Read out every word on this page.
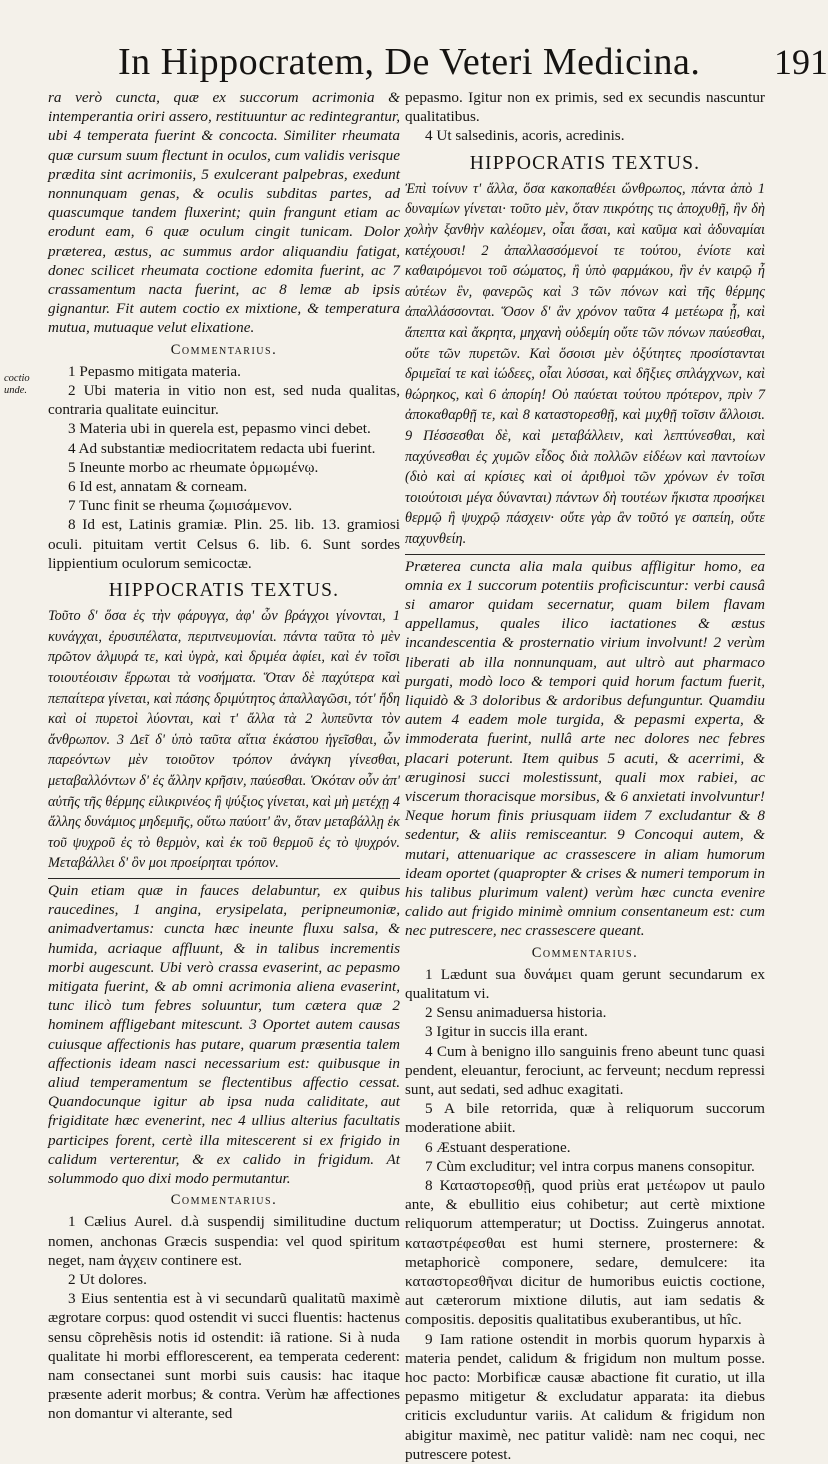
In Hippocratem, De Veteri Medicina. 191
coctio unde.

ra verò cuncta, quæ ex succorum acrimonia & intemperantia oriri assero, restituuntur ac redintegrantur, ubi 4 temperata fuerint & concocta. Similiter rheumata quæ cursum suum flectunt in oculos, cum validis verisque prædita sint acrimoniis, 5 exulcerant palpebras, exedunt nonnunquam genas, & oculis subditas partes, ad quascumque tandem fluxerint; quin frangunt etiam ac erodunt eam, 6 quæ oculum cingit tunicam. Dolor præterea, æstus, ac summus ardor aliquandiu fatigat, donec scilicet rheumata coctione edomita fuerint, ac 7 crassamentum nacta fuerint, ac 8 lemæ ab ipsis gignantur. Fit autem coctio ex mixtione, & temperatura mutua, mutuaque velut elixatione.

Commentarius.

1 Pepasmo mitigata materia.

2 Ubi materia in vitio non est, sed nuda qualitas, contraria qualitate euincitur.

3 Materia ubi in querela est, pepasmo vinci debet.

4 Ad substantiæ mediocritatem redacta ubi fuerint.

5 Ineunte morbo ac rheumate ὁρμωμένῳ.

6 Id est, annatam & corneam.

7 Tunc finit se rheuma ζωμισάμενον.

8 Id est, Latinis gramiæ. Plin. 25. lib. 13. gramiosi oculi. pituitam vertit Celsus 6. lib. 6. Sunt sordes lippientium oculorum semicoctæ.

HIPPOCRATIS TEXTUS.

Τοῦτο δ' ὅσα ἐς τὴν φάρυγγα, ἀφ' ὧν βράγχοι γίνονται, 1 κυνάγχαι, ἐρυσιπέλατα, περιπνευμονίαι. πάντα ταῦτα τὸ μὲν πρῶτον ἁλμυρά τε, καὶ ὑγρὰ, καὶ δριμέα ἀφίει, καὶ ἐν τοῖσι τοιουτέοισιν ἔρρωται τὰ νοσήματα. Ὅταν δὲ παχύτερα καὶ πεπαίτερα γίνεται, καὶ πάσης δριμύτητος ἀπαλλαγῶσι, τότ' ἤδη καὶ οἱ πυρετοὶ λύονται, καὶ τ' ἄλλα τὰ 2 λυπεῦντα τὸν ἄνθρωπον. 3 Δεῖ δ' ὑπὸ ταῦτα αἴτια ἑκάστου ἡγεῖσθαι, ὧν παρεόντων μὲν τοιοῦτον τρόπον ἀνάγκη γίνεσθαι, μεταβαλλόντων δ' ἐς ἄλλην κρῆσιν, παύεσθαι. Ὁκόταν οὖν ἀπ' αὐτῆς τῆς θέρμης εἰλικρινέος ἢ ψύξιος γίνεται, καὶ μὴ μετέχῃ 4 ἄλλης δυνάμιος μηδεμιῆς, οὕτω παύοιτ' ἂν, ὅταν μεταβάλλῃ ἐκ τοῦ ψυχροῦ ἐς τὸ θερμὸν, καὶ ἐκ τοῦ θερμοῦ ἐς τὸ ψυχρόν. Μεταβάλλει δ' ὃν μοι προείρηται τρόπον.

Quin etiam quæ in fauces delabuntur, ex quibus raucedines, 1 angina, erysipelata, peripneumoniæ, animadvertamus: cuncta hæc ineunte fluxu salsa, & humida, acriaque affluunt, & in talibus incrementis morbi augescunt. Ubi verò crassa evaserint, ac pepasmo mitigata fuerint, & ab omni acrimonia aliena evaserint, tunc ilicò tum febres soluuntur, tum cætera quæ 2 hominem affligebant mitescunt. 3 Oportet autem causas cuiusque affectionis has putare, quarum præsentia talem affectionis ideam nasci necessarium est: quibusque in aliud temperamentum se flectentibus affectio cessat. Quandocunque igitur ab ipsa nuda caliditate, aut frigiditate hæc evenerint, nec 4 ullius alterius facultatis participes forent, certè illa mitescerent si ex frigido in calidum verterentur, & ex calido in frigidum. At solummodo quo dixi modo permutantur.

Commentarius.

1 Cælius Aurel. d.à suspendij similitudine ductum nomen, anchonas Græcis suspendia: vel quod spiritum neget, nam ἀγχειν continere est.

2 Ut dolores.

3 Eius sententia est à vi secundarũ qualitatũ maximè ægrotare corpus: quod ostendit vi succi fluentis: hactenus sensu cõprehẽsis notis id ostendit: iã ratione. Si à nuda qualitate hi morbi efflorescerent, ea temperata cederent: nam consectanei sunt morbi suis causis: hac itaque præsente aderit morbus; & contra. Verùm hæ affectiones non domantur vi alterante, sed

pepasmo. Igitur non ex primis, sed ex secundis nascuntur qualitatibus.

4 Ut salsedinis, acoris, acredinis.

HIPPOCRATIS TEXTUS.

Ἐπὶ τοίνυν τ' ἄλλα, ὅσα κακοπαθέει ὥνθρωπος, πάντα ἀπὸ 1 δυναμίων γίνεται· τοῦτο μὲν, ὅταν πικρότης τις ἀποχυθῇ, ἣν δὴ χολὴν ξανθὴν καλέομεν, οἷαι ἄσαι, καὶ καῦμα καὶ ἀδυναμίαι κατέχουσι! 2 ἀπαλλασσόμενοί τε τούτου, ἐνίοτε καὶ καθαιρόμενοι τοῦ σώματος, ἢ ὑπὸ φαρμάκου, ἣν ἐν καιρῷ ἦ αὐτέων ἓν, φανερῶς καὶ 3 τῶν πόνων καὶ τῆς θέρμης ἀπαλλάσσονται. Ὅσον δ' ἂν χρόνον ταῦτα 4 μετέωρα ᾖ, καὶ ἄπεπτα καὶ ἄκρητα, μηχανὴ οὐδεμίη οὔτε τῶν πόνων παύεσθαι, οὔτε τῶν πυρετῶν. Καὶ ὅσοισι μὲν ὀξύτητες προσίστανται δριμεῖαί τε καὶ ἰώδεες, οἷαι λύσσαι, καὶ δῆξιες σπλάγχνων, καὶ θώρηκος, καὶ 6 ἀπορίη! Οὐ παύεται τούτου πρότερον, πρὶν 7 ἀποκαθαρθῇ τε, καὶ 8 καταστορεσθῇ, καὶ μιχθῇ τοῖσιν ἄλλοισι. 9 Πέσσεσθαι δὲ, καὶ μεταβάλλειν, καὶ λεπτύνεσθαι, καὶ παχύνεσθαι ἐς χυμῶν εἶδος διὰ πολλῶν εἰδέων καὶ παντοίων (διὸ καὶ αἱ κρίσιες καὶ οἱ ἀριθμοὶ τῶν χρόνων ἐν τοῖσι τοιούτοισι μέγα δύνανται) πάντων δὴ τουτέων ἥκιστα προσήκει θερμῷ ἢ ψυχρῷ πάσχειν· οὔτε γὰρ ἂν τοῦτό γε σαπείη, οὔτε παχυνθείη.

Præterea cuncta alia mala quibus affligitur homo, ea omnia ex 1 succorum potentiis proficiscuntur: verbi causâ si amaror quidam secernatur, quam bilem flavam appellamus, quales ilico iactationes & æstus incandescentia & prosternatio virium involvunt! 2 verùm liberati ab illa nonnunquam, aut ultrò aut pharmaco purgati, modò loco & tempori quid horum factum fuerit, liquidò & 3 doloribus & ardoribus defunguntur. Quamdiu autem 4 eadem mole turgida, & pepasmi experta, & immoderata fuerint, nullâ arte nec dolores nec febres placari poterunt. Item quibus 5 acuti, & acerrimi, & æruginosi succi molestissunt, quali mox rabiei, ac viscerum thoracisque morsibus, & 6 anxietati involvuntur! Neque horum finis priusquam iidem 7 excludantur & 8 sedentur, & aliis remisceantur. 9 Concoqui autem, & mutari, attenuarique ac crassescere in aliam humorum ideam oportet (quapropter & crises & numeri temporum in his talibus plurimum valent) verùm hæc cuncta evenire calido aut frigido minimè omnium consentaneum est: cum nec putrescere, nec crassescere queant.

Commentarius.

1 Lædunt sua δυνάμει quam gerunt secundarum ex qualitatum vi.

2 Sensu animaduersa historia.

3 Igitur in succis illa erant.

4 Cum à benigno illo sanguinis freno abeunt tunc quasi pendent, eleuantur, ferociunt, ac ferveunt; necdum repressi sunt, aut sedati, sed adhuc exagitati.

5 A bile retorrida, quæ à reliquorum succorum moderatione abiit.

6 Æstuant desperatione.

7 Cùm excluditur; vel intra corpus manens consopitur.

8 Καταστορεσθῇ, quod priùs erat μετέωρον ut paulo ante, & ebullitio eius cohibetur; aut certè mixtione reliquorum attemperatur; ut Doctiss. Zuingerus annotat. καταστρέφεσθαι est humi sternere, prosternere: & metaphoricè componere, sedare, demulcere: ita καταστορεσθῆναι dicitur de humoribus euictis coctione, aut cæterorum mixtione dilutis, aut iam sedatis & compositis. depositis qualitatibus exuberantibus, ut hîc.

9 Iam ratione ostendit in morbis quorum hyparxis à materia pendet, calidum & frigidum non multum posse. hoc pacto: Morbificæ causæ abactione fit curatio, ut illa pepasmo mitigetur & excludatur apparata: ita diebus criticis excluduntur variis. At calidum & frigidum non abigitur maximè, nec patitur validè: nam nec coqui, nec putrescere potest.
